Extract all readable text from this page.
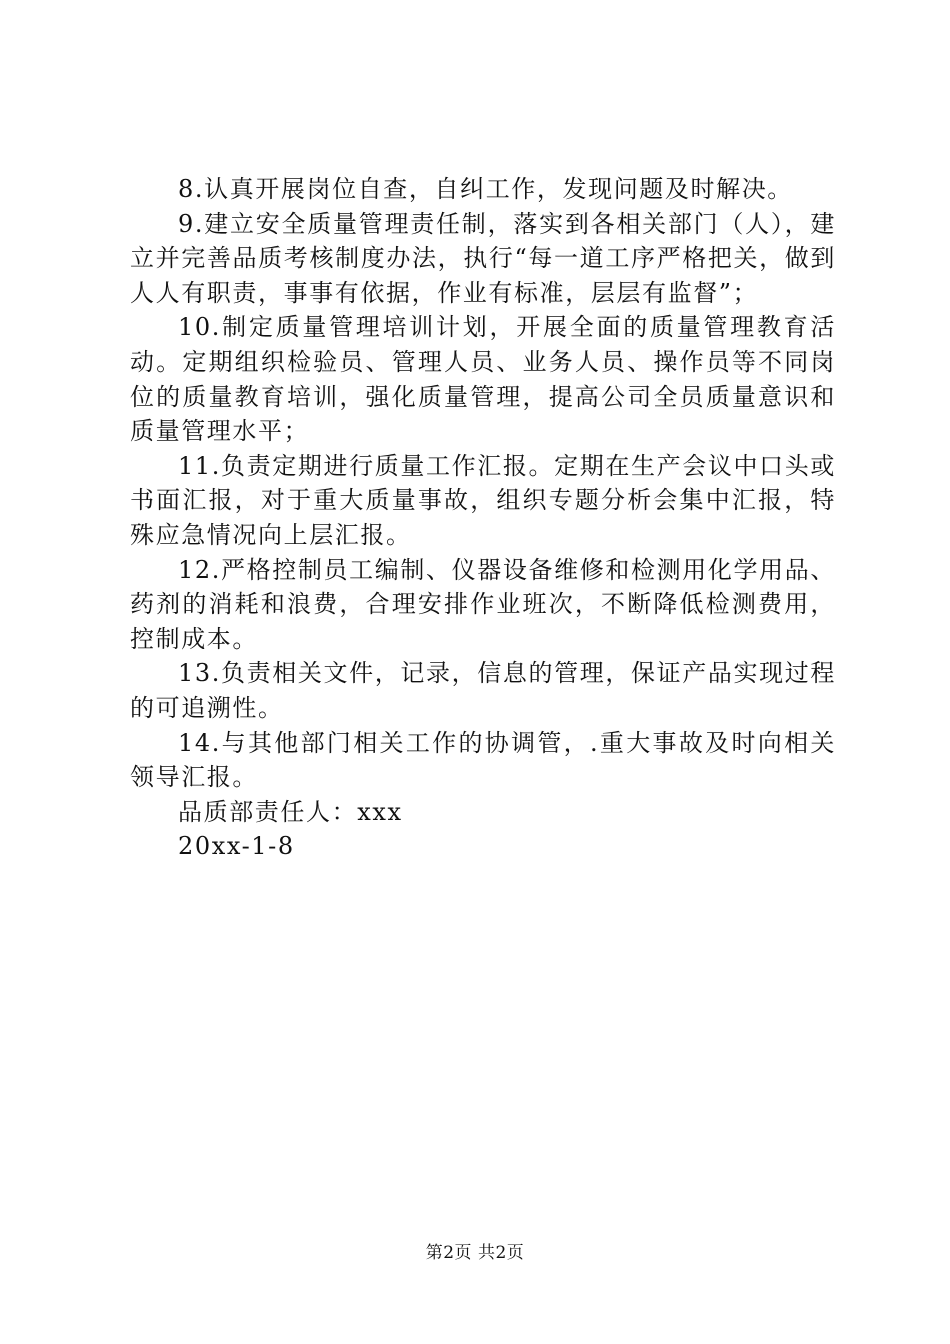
8.认真开展岗位自查，自纠工作，发现问题及时解决。

9.建立安全质量管理责任制，落实到各相关部门（人），建立并完善品质考核制度办法，执行“每一道工序严格把关，做到人人有职责，事事有依据，作业有标准，层层有监督”；

10.制定质量管理培训计划，开展全面的质量管理教育活动。定期组织检验员、管理人员、业务人员、操作员等不同岗位的质量教育培训，强化质量管理，提高公司全员质量意识和质量管理水平；

11.负责定期进行质量工作汇报。定期在生产会议中口头或书面汇报，对于重大质量事故，组织专题分析会集中汇报，特殊应急情况向上层汇报。

12.严格控制员工编制、仪器设备维修和检测用化学用品、药剂的消耗和浪费，合理安排作业班次，不断降低检测费用，控制成本。

13.负责相关文件，记录，信息的管理，保证产品实现过程的可追溯性。

14.与其他部门相关工作的协调管，.重大事故及时向相关领导汇报。

品质部责任人：xxx

20xx-1-8

第2页 共2页
